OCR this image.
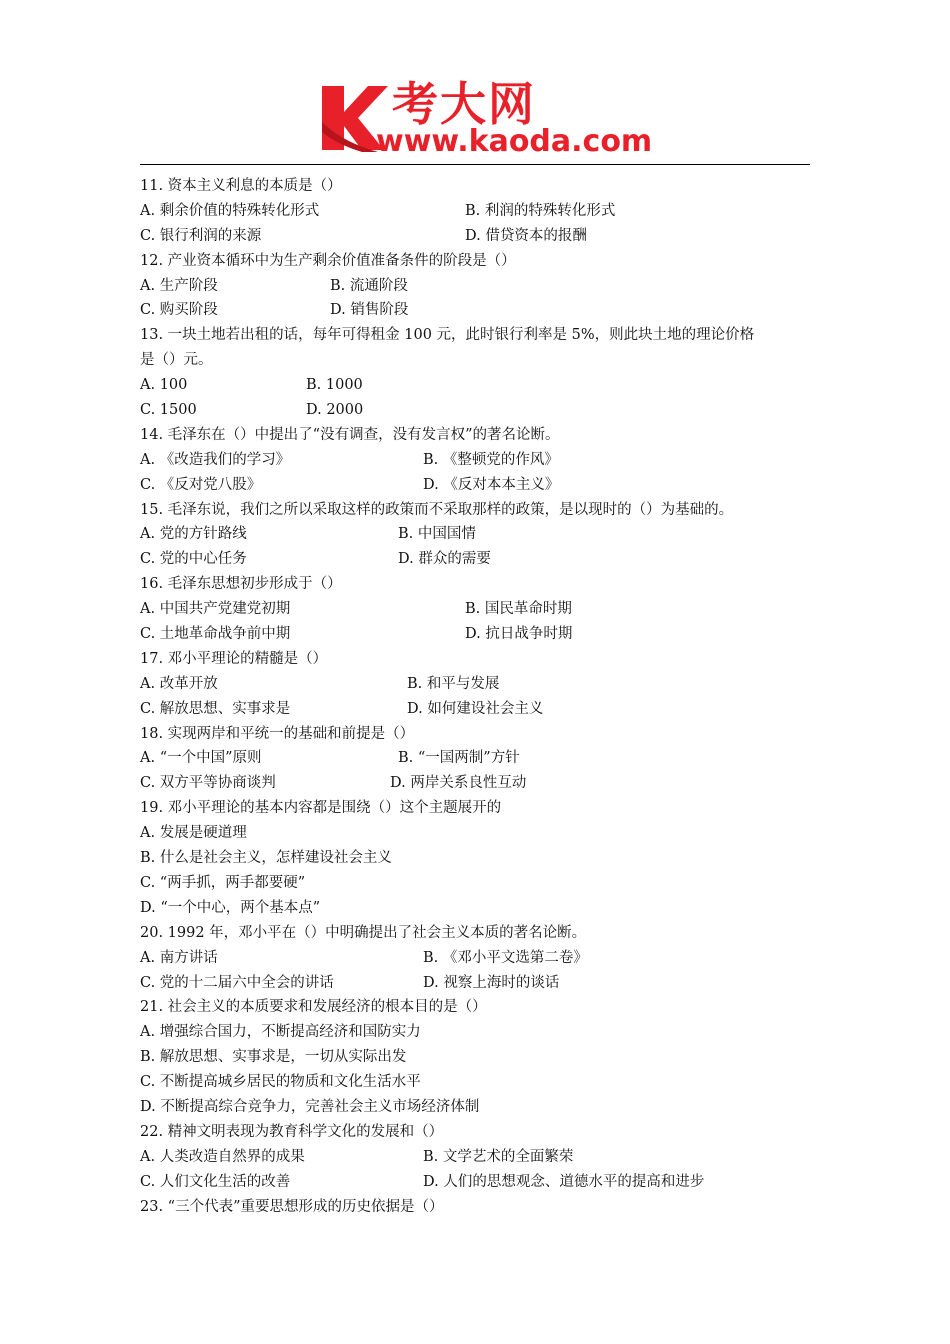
考大网
www.kaoda.com
11. 资本主义利息的本质是（）
A. 剩余价值的特殊转化形式	B. 利润的特殊转化形式
C. 银行利润的来源	D. 借贷资本的报酬
12. 产业资本循环中为生产剩余价值准备条件的阶段是（）
A. 生产阶段	B. 流通阶段
C. 购买阶段	D. 销售阶段
13. 一块土地若出租的话，每年可得租金 100 元，此时银行利率是 5%，则此块土地的理论价格
是（）元。
A. 100	B. 1000
C. 1500	D. 2000
14. 毛泽东在（）中提出了“没有调查，没有发言权”的著名论断。
A. 《改造我们的学习》	B. 《整顿党的作风》
C. 《反对党八股》	D. 《反对本本主义》
15. 毛泽东说，我们之所以采取这样的政策而不采取那样的政策，是以现时的（）为基础的。
A. 党的方针路线	B. 中国国情
C. 党的中心任务	D. 群众的需要
16. 毛泽东思想初步形成于（）
A. 中国共产党建党初期	B. 国民革命时期
C. 土地革命战争前中期	D. 抗日战争时期
17. 邓小平理论的精髓是（）
A. 改革开放	B. 和平与发展
C. 解放思想、实事求是	D. 如何建设社会主义
18. 实现两岸和平统一的基础和前提是（）
A. “一个中国”原则	B. “一国两制”方针
C. 双方平等协商谈判	D. 两岸关系良性互动
19. 邓小平理论的基本内容都是围绕（）这个主题展开的
A. 发展是硬道理
B. 什么是社会主义，怎样建设社会主义
C. “两手抓，两手都要硬”
D. “一个中心，两个基本点”
20. 1992 年，邓小平在（）中明确提出了社会主义本质的著名论断。
A. 南方讲话	B. 《邓小平文选第二卷》
C. 党的十二届六中全会的讲话	D. 视察上海时的谈话
21. 社会主义的本质要求和发展经济的根本目的是（）
A. 增强综合国力，不断提高经济和国防实力
B. 解放思想、实事求是，一切从实际出发
C. 不断提高城乡居民的物质和文化生活水平
D. 不断提高综合竞争力，完善社会主义市场经济体制
22. 精神文明表现为教育科学文化的发展和（）
A. 人类改造自然界的成果	B. 文学艺术的全面繁荣
C. 人们文化生活的改善	D. 人们的思想观念、道德水平的提高和进步
23. “三个代表”重要思想形成的历史依据是（）
